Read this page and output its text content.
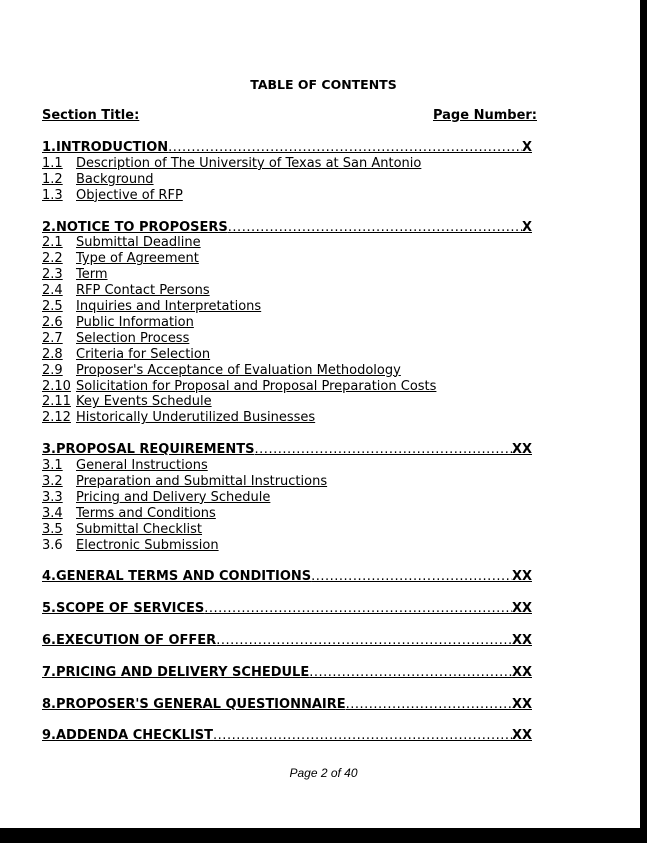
TABLE OF CONTENTS
Section Title:	Page Number:
1. INTRODUCTION .....	X
1.1	Description of The University of Texas at San Antonio
1.2	Background
1.3	Objective of RFP
2. NOTICE TO PROPOSERS .....	X
2.1	Submittal Deadline
2.2	Type of Agreement
2.3	Term
2.4	RFP Contact Persons
2.5	Inquiries and Interpretations
2.6	Public Information
2.7	Selection Process
2.8	Criteria for Selection
2.9	Proposer's Acceptance of Evaluation Methodology
2.10 Solicitation for Proposal and Proposal Preparation Costs
2.11 Key Events Schedule
2.12 Historically Underutilized Businesses
3. PROPOSAL REQUIREMENTS .....	XX
3.1	General Instructions
3.2	Preparation and Submittal Instructions
3.3	Pricing and Delivery Schedule
3.4	Terms and Conditions
3.5	Submittal Checklist
3.6	Electronic Submission
4. GENERAL TERMS AND CONDITIONS .....	XX
5. SCOPE OF SERVICES .....	XX
6. EXECUTION OF OFFER .....	XX
7. PRICING AND DELIVERY SCHEDULE .....	XX
8. PROPOSER'S GENERAL QUESTIONNAIRE .....	XX
9. ADDENDA CHECKLIST .....	XX
Page 2 of 40
